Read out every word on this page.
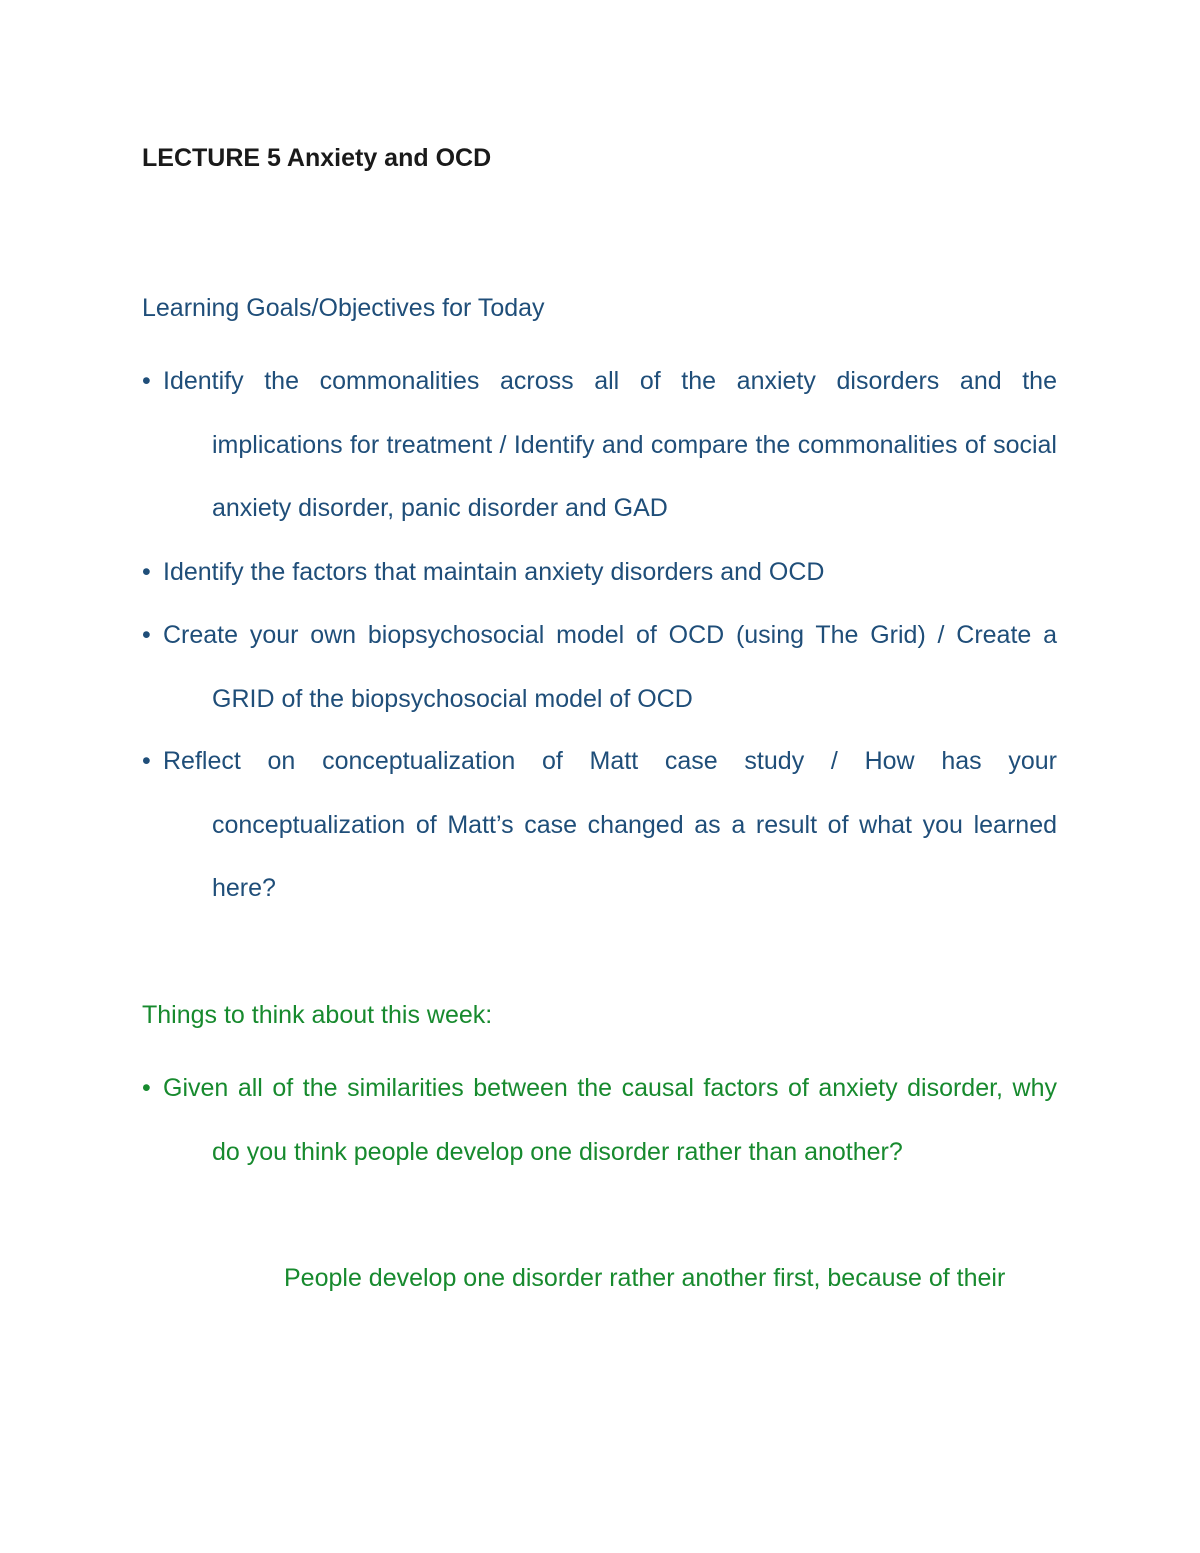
LECTURE 5 Anxiety and OCD
Learning Goals/Objectives for Today
• Identify the commonalities across all of the anxiety disorders and the implications for treatment / Identify and compare the commonalities of social anxiety disorder, panic disorder and GAD
• Identify the factors that maintain anxiety disorders and OCD
• Create your own biopsychosocial model of OCD (using The Grid) / Create a GRID of the biopsychosocial model of OCD
• Reflect on conceptualization of Matt case study / How has your conceptualization of Matt’s case changed as a result of what you learned here?
Things to think about this week:
• Given all of the similarities between the causal factors of anxiety disorder, why do you think people develop one disorder rather than another?
People develop one disorder rather another first, because of their
